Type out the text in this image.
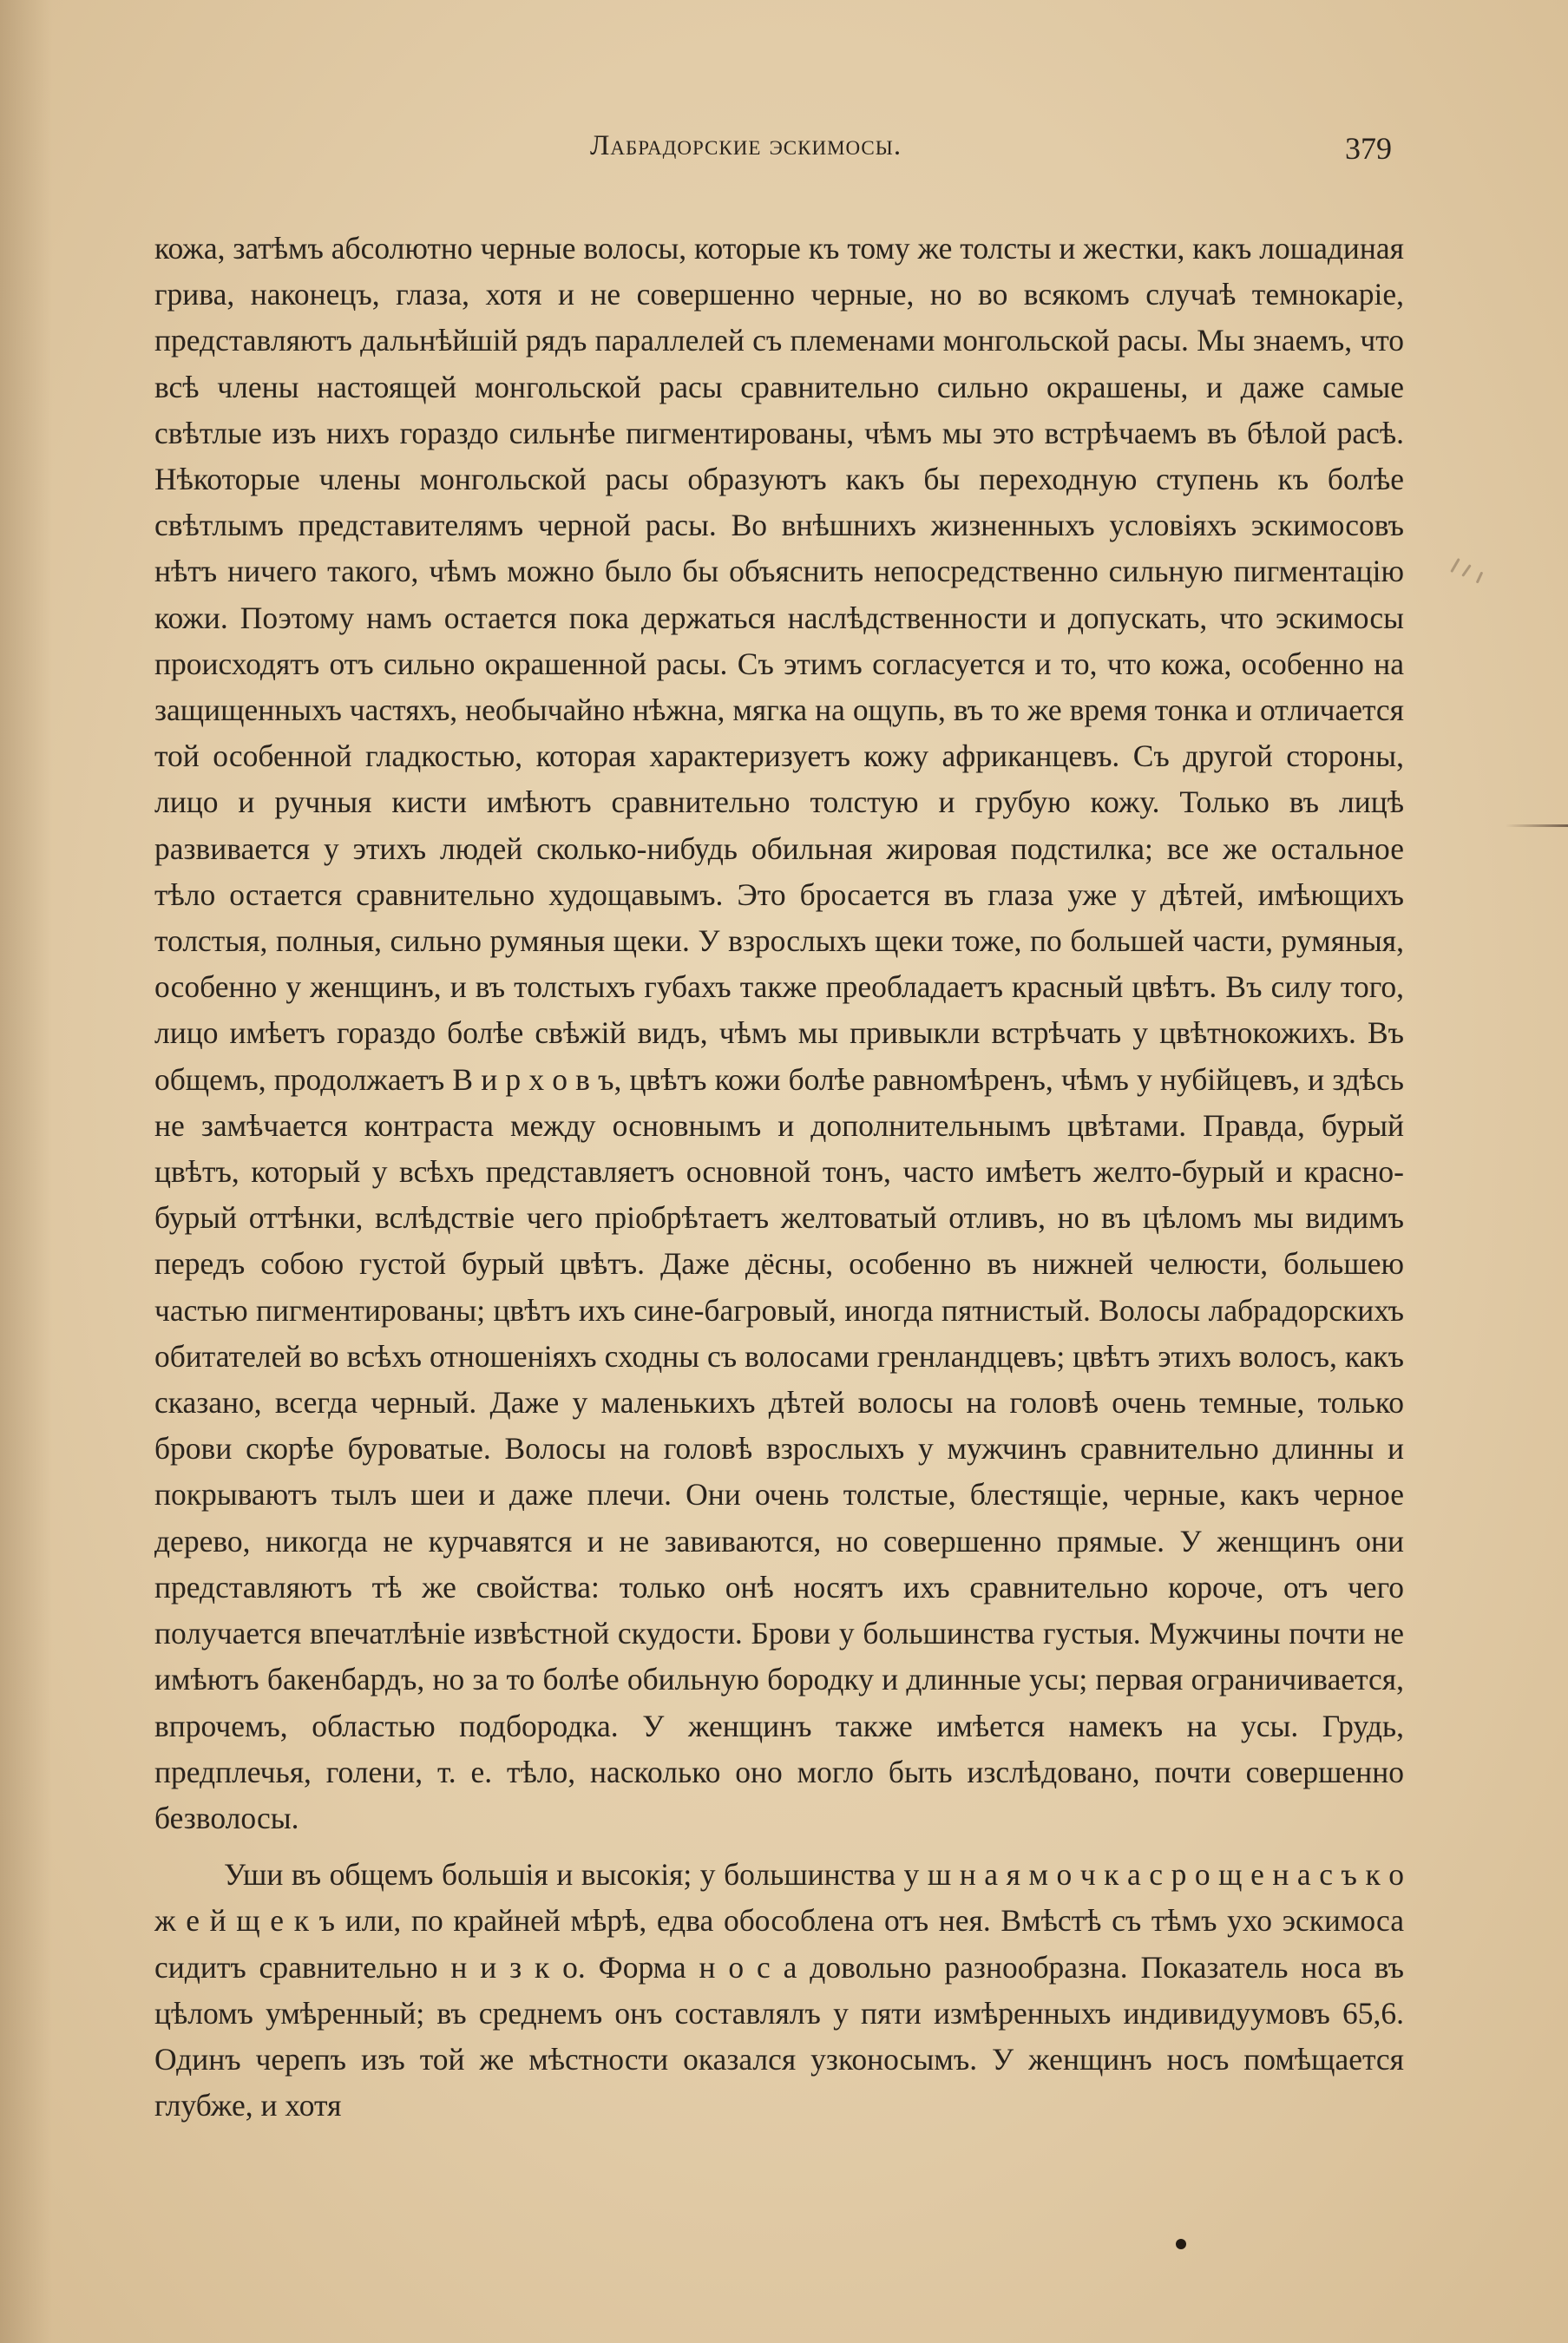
Лабрадорские эскимосы.	379

кожа, затѣмъ абсолютно черные волосы, которые къ тому же толсты и жестки, какъ лошадиная грива, наконецъ, глаза, хотя и не совершенно черные, но во всякомъ случаѣ темнокаріе, представляютъ дальнѣйшій рядъ параллелей съ племенами монгольской расы. Мы знаемъ, что всѣ члены настоящей монгольской расы сравнительно сильно окрашены, и даже самые свѣтлые изъ нихъ гораздо сильнѣе пигментированы, чѣмъ мы это встрѣчаемъ въ бѣлой расѣ. Нѣкоторые члены монгольской расы образуютъ какъ бы переходную ступень къ болѣе свѣтлымъ представителямъ черной расы. Во внѣшнихъ жизненныхъ условіяхъ эскимосовъ нѣтъ ничего такого, чѣмъ можно было бы объяснить непосредственно сильную пигментацію кожи. Поэтому намъ остается пока держаться наслѣдственности и допускать, что эскимосы происходятъ отъ сильно окрашенной расы. Съ этимъ согласуется и то, что кожа, особенно на защищенныхъ частяхъ, необычайно нѣжна, мягка на ощупь, въ то же время тонка и отличается той особенной гладкостью, которая характеризуетъ кожу африканцевъ. Съ другой стороны, лицо и ручныя кисти имѣютъ сравнительно толстую и грубую кожу. Только въ лицѣ развивается у этихъ людей сколько-нибудь обильная жировая подстилка; все же остальное тѣло остается сравнительно худощавымъ. Это бросается въ глаза уже у дѣтей, имѣющихъ толстыя, полныя, сильно румяныя щеки. У взрослыхъ щеки тоже, по большей части, румяныя, особенно у женщинъ, и въ толстыхъ губахъ также преобладаетъ красный цвѣтъ. Въ силу того, лицо имѣетъ гораздо болѣе свѣжій видъ, чѣмъ мы привыкли встрѣчать у цвѣтнокожихъ. Въ общемъ, продолжаетъ В и р х о в ъ, цвѣтъ кожи болѣе равномѣренъ, чѣмъ у нубійцевъ, и здѣсь не замѣчается контраста между основнымъ и дополнительнымъ цвѣтами. Правда, бурый цвѣтъ, который у всѣхъ представляетъ основной тонъ, часто имѣетъ желто-бурый и красно-бурый оттѣнки, вслѣдствіе чего пріобрѣтаетъ желтоватый отливъ, но въ цѣломъ мы видимъ передъ собою густой бурый цвѣтъ. Даже дёсны, особенно въ нижней челюсти, большею частью пигментированы; цвѣтъ ихъ сине-багровый, иногда пятнистый. Волосы лабрадорскихъ обитателей во всѣхъ отношеніяхъ сходны съ волосами гренландцевъ; цвѣтъ этихъ волосъ, какъ сказано, всегда черный. Даже у маленькихъ дѣтей волосы на головѣ очень темные, только брови скорѣе буроватые. Волосы на головѣ взрослыхъ у мужчинъ сравнительно длинны и покрываютъ тылъ шеи и даже плечи. Они очень толстые, блестящіе, черные, какъ черное дерево, никогда не курчавятся и не завиваются, но совершенно прямые. У женщинъ они представляютъ тѣ же свойства: только онѣ носятъ ихъ сравнительно короче, отъ чего получается впечатлѣніе извѣстной скудости. Брови у большинства густыя. Мужчины почти не имѣютъ бакенбардъ, но за то болѣе обильную бородку и длинные усы; первая ограничивается, впрочемъ, областью подбородка. У женщинъ также имѣется намекъ на усы. Грудь, предплечья, голени, т. е. тѣло, насколько оно могло быть изслѣдовано, почти совершенно безволосы.

Уши въ общемъ большія и высокія; у большинства у ш н а я м о ч к а с р о щ е н а с ъ к о ж е й щ е к ъ или, по крайней мѣрѣ, едва обособлена отъ нея. Вмѣстѣ съ тѣмъ ухо эскимоса сидитъ сравнительно н и з к о. Форма н о с а довольно разнообразна. Показатель носа въ цѣломъ умѣренный; въ среднемъ онъ составлялъ у пяти измѣренныхъ индивидуумовъ 65,6. Одинъ черепъ изъ той же мѣстности оказался узконосымъ. У женщинъ носъ помѣщается глубже, и хотя
